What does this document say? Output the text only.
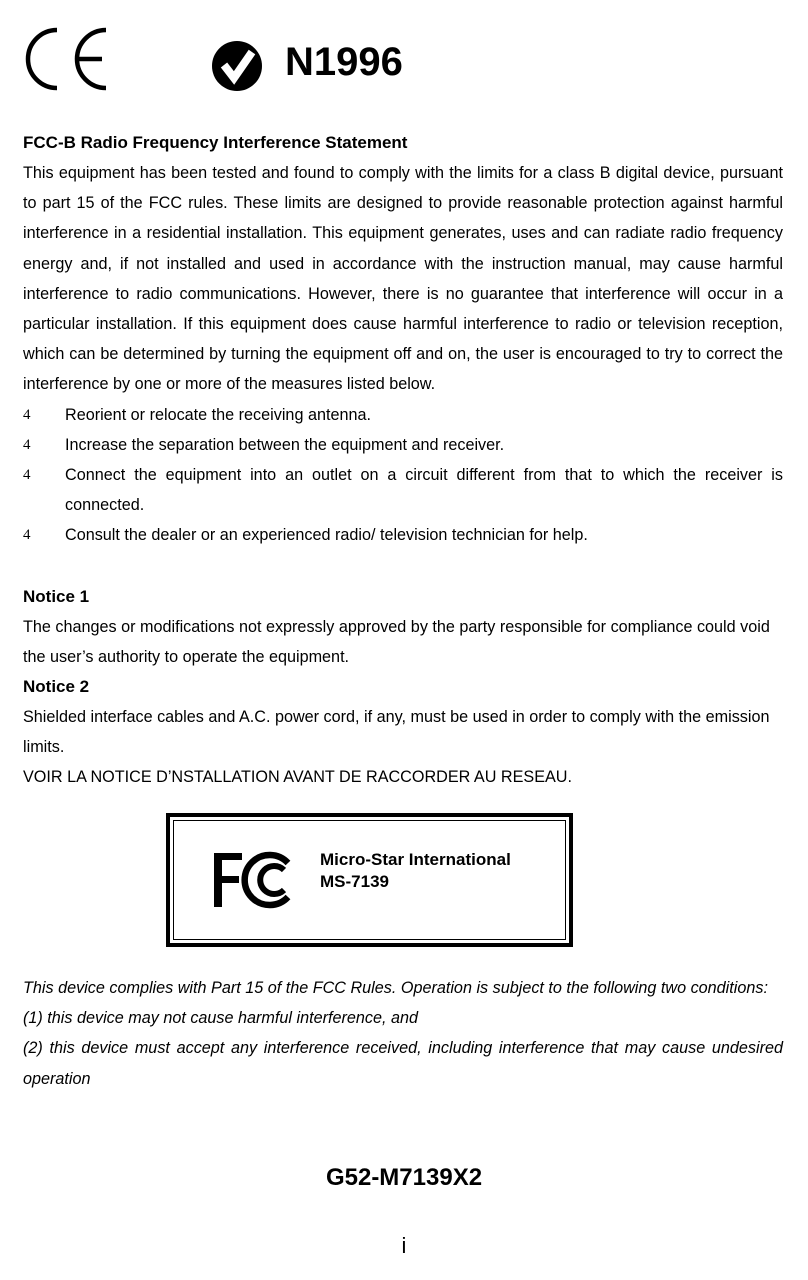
N1996
FCC-B Radio Frequency Interference Statement

This equipment has been tested and found to comply with the limits for a class B digital device, pursuant to part 15 of the FCC rules. These limits are designed to provide reasonable protection against harmful interference in a residential installation. This equipment generates, uses and can radiate radio frequency energy and, if not installed and used in accordance with the instruction manual, may cause harmful interference to radio communications. However, there is no guarantee that interference will occur in a particular installation. If this equipment does cause harmful interference to radio or television reception, which can be determined by turning the equipment off and on, the user is encouraged to try to correct the interference by one or more of the measures listed below.

4 Reorient or relocate the receiving antenna.
4 Increase the separation between the equipment and receiver.
4 Connect the equipment into an outlet on a circuit different from that to which the receiver is connected.
4 Consult the dealer or an experienced radio/ television technician for help.
Notice 1

The changes or modifications not expressly approved by the party responsible for compliance could void the user’s authority to operate the equipment.

Notice 2

Shielded interface cables and A.C. power cord, if any, must be used in order to comply with the emission limits.

VOIR LA NOTICE D’NSTALLATION AVANT DE RACCORDER AU RESEAU.

Micro-Star International
MS-7139

This device complies with Part 15 of the FCC Rules. Operation is subject to the following two conditions:

(1) this device may not cause harmful interference, and

(2) this device must accept any interference received, including interference that may cause undesired operation

G52-M7139X2
i
